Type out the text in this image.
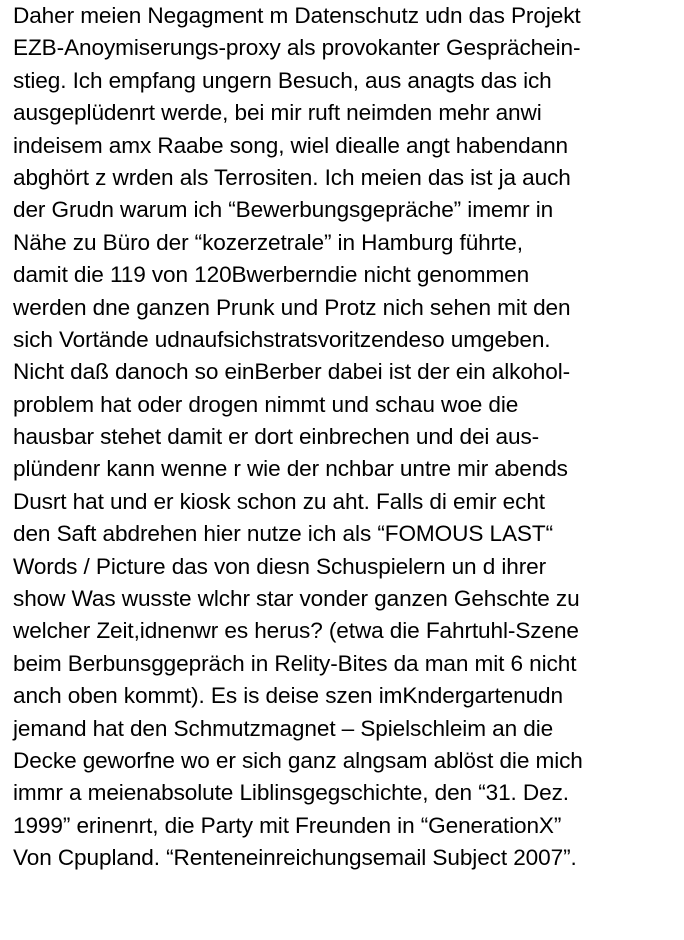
Daher meien Negagment m Datenschutz udn das Projekt
EZB-Anoymiserungs-proxy als provokanter Gesprächein-
stieg. Ich empfang ungern Besuch, aus anagts das ich
ausgeplüdenrt werde, bei mir ruft neimden mehr anwi
indeisem amx Raabe song, wiel diealle angt habendann
abghört z wrden als Terrositen. Ich meien das ist ja auch
der Grudn warum ich “Bewerbungsgepräche” imemr in
Nähe zu Büro der “kozerzetrale” in Hamburg führte,
damit die 119 von 120Bwerberndie nicht genommen
werden dne ganzen Prunk und Protz nich sehen mit den
sich Vortände udnaufsichstratsvoritzendeso umgeben.
Nicht daß danoch so einBerber dabei ist der ein alkohol-
problem hat oder drogen nimmt und schau woe die
hausbar stehet damit er dort einbrechen und dei aus-
plündenr kann wenne r wie der nchbar untre mir abends
Dusrt hat und er kiosk schon zu aht. Falls di emir echt
den Saft abdrehen hier nutze ich als “FOMOUS LAST“
Words / Picture das von diesn Schuspielern un d ihrer
show Was wusste wlchr star vonder ganzen Gehschte zu
welcher Zeit,idnenwr es herus? (etwa die Fahrtuhl-Szene
beim Berbunsggepräch in Relity-Bites da man mit 6 nicht
anch oben kommt). Es is deise szen imKndergartenudn
jemand hat den Schmutzmagnet – Spielschleim an die
Decke geworfne wo er sich ganz alngsam ablöst die mich
immr a meienabsolute Liblinsgegschichte, den “31. Dez.
1999” erinenrt, die Party mit Freunden in “GenerationX”
Von Cpupland. “Renteneinreichungsemail Subject 2007”.
